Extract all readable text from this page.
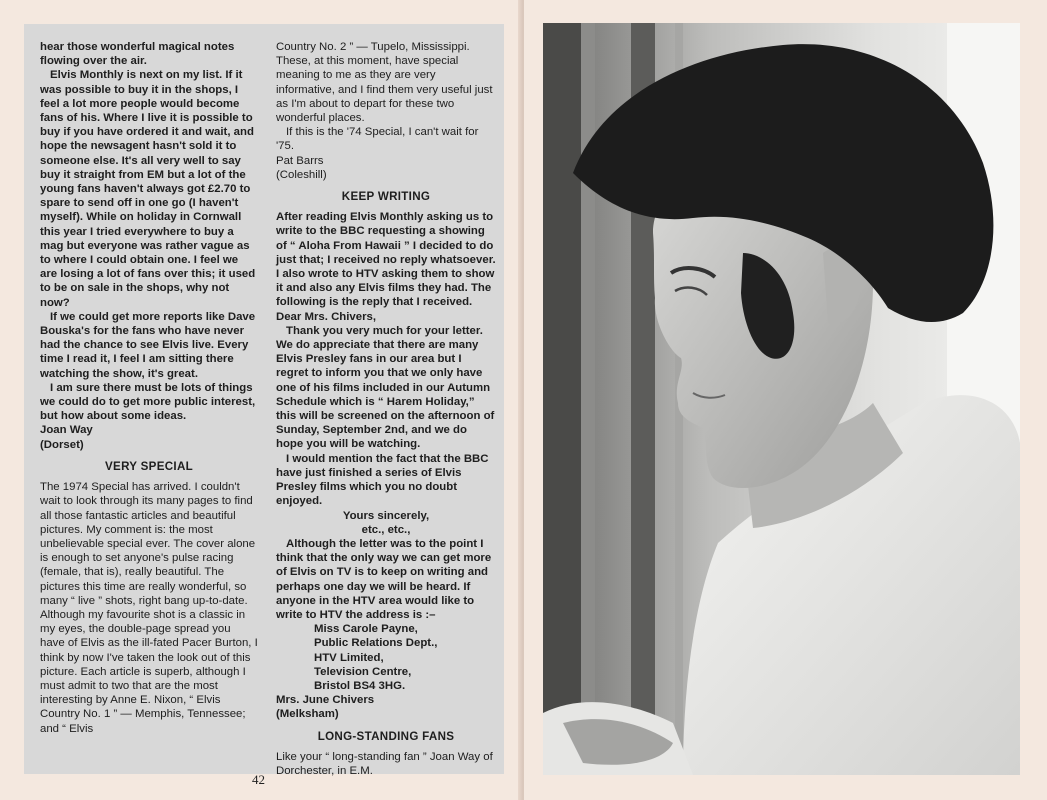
hear those wonderful magical notes flowing over the air.

Elvis Monthly is next on my list. If it was possible to buy it in the shops, I feel a lot more people would become fans of his. Where I live it is possible to buy if you have ordered it and wait, and hope the newsagent hasn't sold it to someone else. It's all very well to say buy it straight from EM but a lot of the young fans haven't always got £2.70 to spare to send off in one go (I haven't myself). While on holiday in Cornwall this year I tried everywhere to buy a mag but everyone was rather vague as to where I could obtain one. I feel we are losing a lot of fans over this; it used to be on sale in the shops, why not now?

If we could get more reports like Dave Bouska's for the fans who have never had the chance to see Elvis live. Every time I read it, I feel I am sitting there watching the show, it's great.

I am sure there must be lots of things we could do to get more public interest, but how about some ideas.

Joan Way

(Dorset)

VERY SPECIAL

The 1974 Special has arrived. I couldn't wait to look through its many pages to find all those fantastic articles and beautiful pictures. My comment is: the most unbelievable special ever. The cover alone is enough to set anyone's pulse racing (female, that is), really beautiful. The pictures this time are really wonderful, so many “ live ” shots, right bang up-to-date. Although my favourite shot is a classic in my eyes, the double-page spread you have of Elvis as the ill-fated Pacer Burton, I think by now I've taken the look out of this picture. Each article is superb, although I must admit to two that are the most interesting by Anne E. Nixon, “ Elvis Country No. 1 ” — Memphis, Tennessee; and “ Elvis

Country No. 2 ” — Tupelo, Mississippi. These, at this moment, have special meaning to me as they are very informative, and I find them very useful just as I'm about to depart for these two wonderful places.

If this is the '74 Special, I can't wait for '75.

Pat Barrs

(Coleshill)

KEEP WRITING

After reading Elvis Monthly asking us to write to the BBC requesting a showing of “ Aloha From Hawaii ” I decided to do just that; I received no reply whatsoever. I also wrote to HTV asking them to show it and also any Elvis films they had. The following is the reply that I received.

Dear Mrs. Chivers,

Thank you very much for your letter. We do appreciate that there are many Elvis Presley fans in our area but I regret to inform you that we only have one of his films included in our Autumn Schedule which is “ Harem Holiday,” this will be screened on the afternoon of Sunday, September 2nd, and we do hope you will be watching.

I would mention the fact that the BBC have just finished a series of Elvis Presley films which you no doubt enjoyed.

Yours sincerely,

etc., etc.,

Although the letter was to the point I think that the only way we can get more of Elvis on TV is to keep on writing and perhaps one day we will be heard. If anyone in the HTV area would like to write to HTV the address is :–

Miss Carole Payne,

Public Relations Dept.,

HTV Limited,

Television Centre,

Bristol BS4 3HG.

Mrs. June Chivers

(Melksham)

LONG-STANDING FANS

Like your “ long-standing fan ” Joan Way of Dorchester, in E.M.

42
